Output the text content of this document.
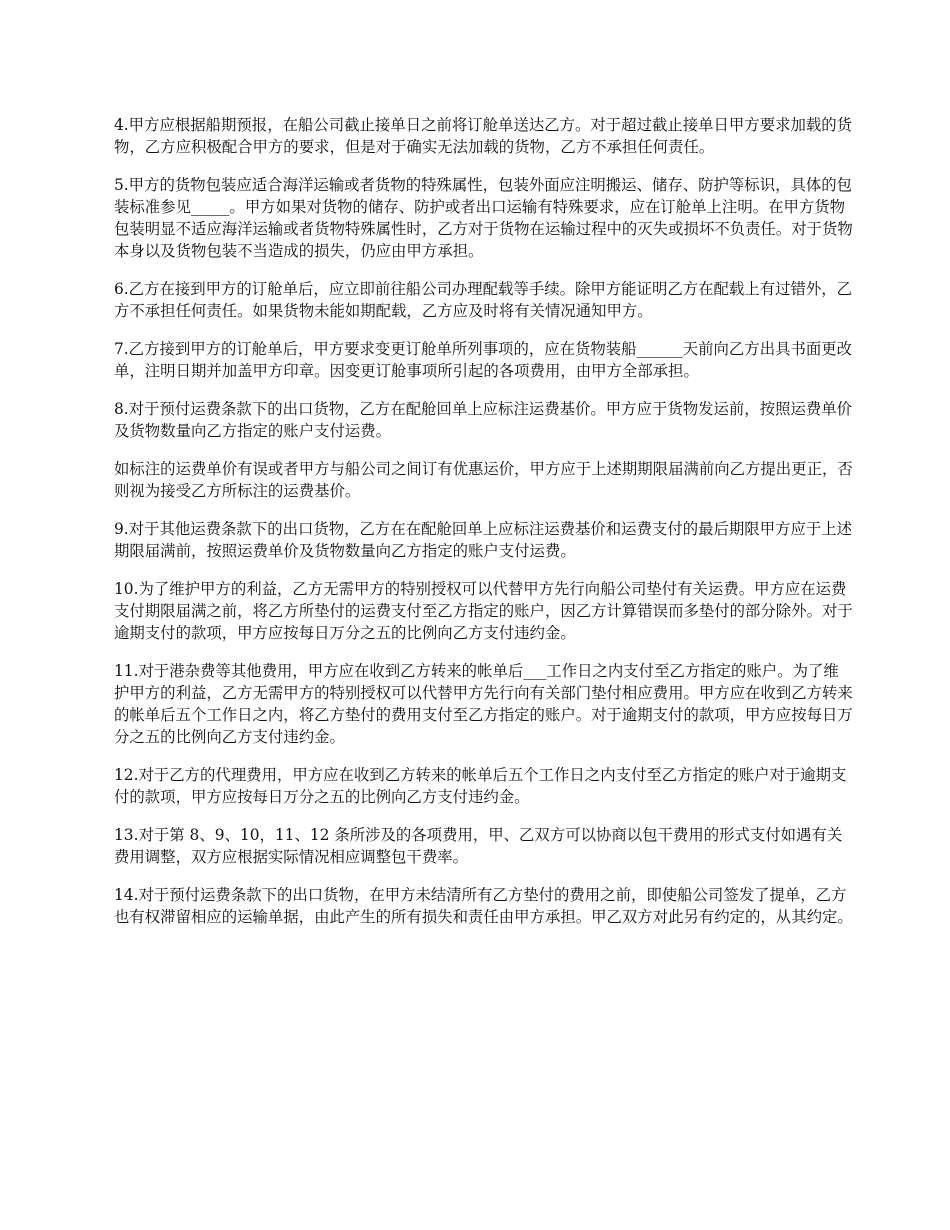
4.甲方应根据船期预报，在船公司截止接单日之前将订舱单送达乙方。对于超过截止接单日甲方要求加载的货物，乙方应积极配合甲方的要求，但是对于确实无法加载的货物，乙方不承担任何责任。

5.甲方的货物包装应适合海洋运输或者货物的特殊属性，包装外面应注明搬运、储存、防护等标识，具体的包装标准参见_____。甲方如果对货物的储存、防护或者出口运输有特殊要求，应在订舱单上注明。在甲方货物包装明显不适应海洋运输或者货物特殊属性时，乙方对于货物在运输过程中的灭失或损坏不负责任。对于货物本身以及货物包装不当造成的损失，仍应由甲方承担。

6.乙方在接到甲方的订舱单后，应立即前往船公司办理配载等手续。除甲方能证明乙方在配载上有过错外，乙方不承担任何责任。如果货物未能如期配载，乙方应及时将有关情况通知甲方。

7.乙方接到甲方的订舱单后，甲方要求变更订舱单所列事项的，应在货物装船______天前向乙方出具书面更改单，注明日期并加盖甲方印章。因变更订舱事项所引起的各项费用，由甲方全部承担。

8.对于预付运费条款下的出口货物，乙方在配舱回单上应标注运费基价。甲方应于货物发运前，按照运费单价及货物数量向乙方指定的账户支付运费。

如标注的运费单价有误或者甲方与船公司之间订有优惠运价，甲方应于上述期期限届满前向乙方提出更正，否则视为接受乙方所标注的运费基价。

9.对于其他运费条款下的出口货物，乙方在在配舱回单上应标注运费基价和运费支付的最后期限甲方应于上述期限届满前，按照运费单价及货物数量向乙方指定的账户支付运费。

10.为了维护甲方的利益，乙方无需甲方的特别授权可以代替甲方先行向船公司垫付有关运费。甲方应在运费支付期限届满之前，将乙方所垫付的运费支付至乙方指定的账户，因乙方计算错误而多垫付的部分除外。对于逾期支付的款项，甲方应按每日万分之五的比例向乙方支付违约金。

11.对于港杂费等其他费用，甲方应在收到乙方转来的帐单后___工作日之内支付至乙方指定的账户。为了维护甲方的利益，乙方无需甲方的特别授权可以代替甲方先行向有关部门垫付相应费用。甲方应在收到乙方转来的帐单后五个工作日之内，将乙方垫付的费用支付至乙方指定的账户。对于逾期支付的款项，甲方应按每日万分之五的比例向乙方支付违约金。

12.对于乙方的代理费用，甲方应在收到乙方转来的帐单后五个工作日之内支付至乙方指定的账户对于逾期支付的款项，甲方应按每日万分之五的比例向乙方支付违约金。

13.对于第 8、9、10，11、12 条所涉及的各项费用，甲、乙双方可以协商以包干费用的形式支付如遇有关费用调整，双方应根据实际情况相应调整包干费率。

14.对于预付运费条款下的出口货物，在甲方未结清所有乙方垫付的费用之前，即使船公司签发了提单，乙方也有权滞留相应的运输单据，由此产生的所有损失和责任由甲方承担。甲乙双方对此另有约定的，从其约定。
